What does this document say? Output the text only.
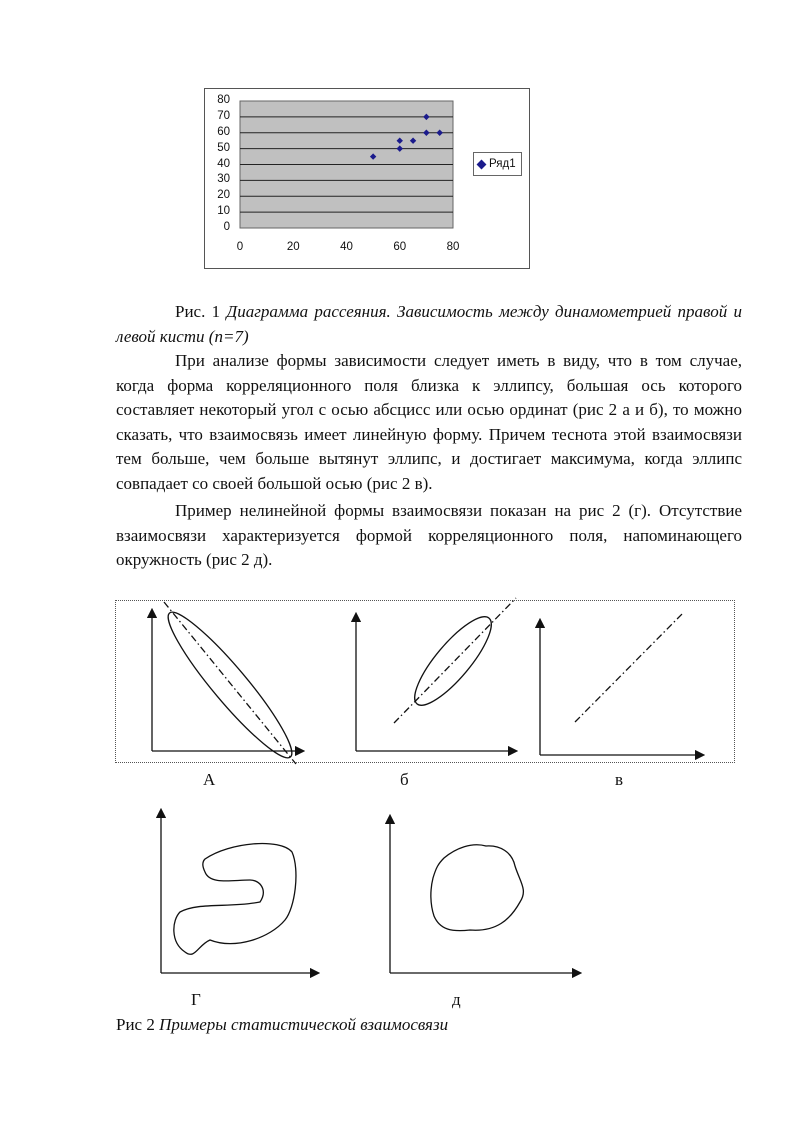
80
70
60
50
40
30
20
10
0
0	20	40	60	80
Ряд1
Рис. 1 Диаграмма рассеяния. Зависимость между динамометрией правой и левой кисти (n=7)
При анализе формы зависимости следует иметь в виду, что в том случае, когда форма корреляционного поля близка к эллипсу, большая ось которого составляет некоторый угол с осью абсцисс или осью ординат (рис 2 а и б), то можно сказать, что взаимосвязь имеет линейную форму. Причем теснота этой взаимосвязи тем больше, чем больше вытянут эллипс, и достигает максимума, когда эллипс совпадает со своей большой осью (рис 2 в).
Пример нелинейной формы взаимосвязи показан на рис 2 (г). Отсутствие взаимосвязи характеризуется формой корреляционного поля, напоминающего окружность (рис 2 д).
А	б	в
Г	д
Рис 2 Примеры статистической взаимосвязи
